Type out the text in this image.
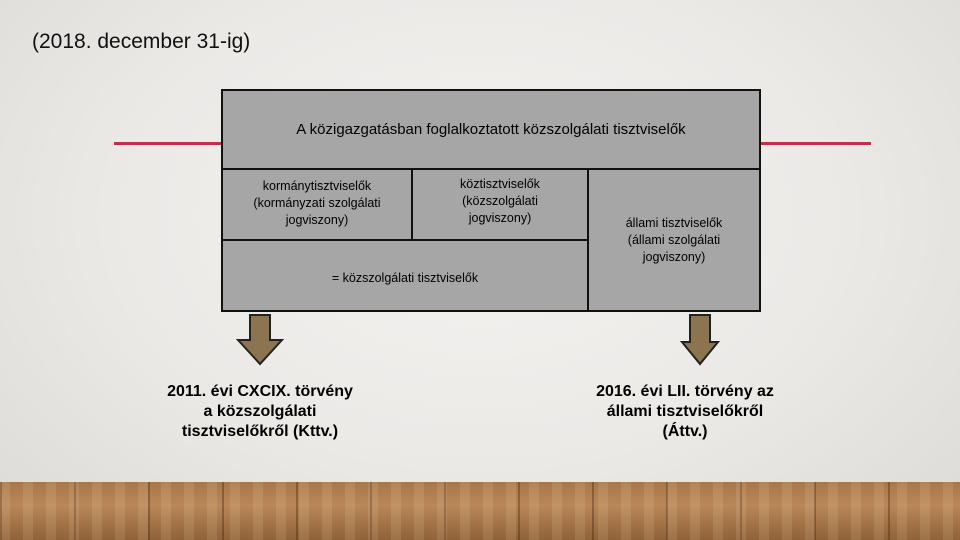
(2018. december 31-ig)
A közigazgatásban foglalkoztatott közszolgálati tisztviselők
kormánytisztviselők
(kormányzati szolgálati
jogviszony)
köztisztviselők
(közszolgálati
jogviszony)	állami tisztviselők
(állami szolgálati
jogviszony)
= közszolgálati tisztviselők
2011. évi CXCIX. törvény
a közszolgálati
tisztviselőkről (Kttv.)
2016. évi LII. törvény az
állami tisztviselőkről
(Áttv.)
